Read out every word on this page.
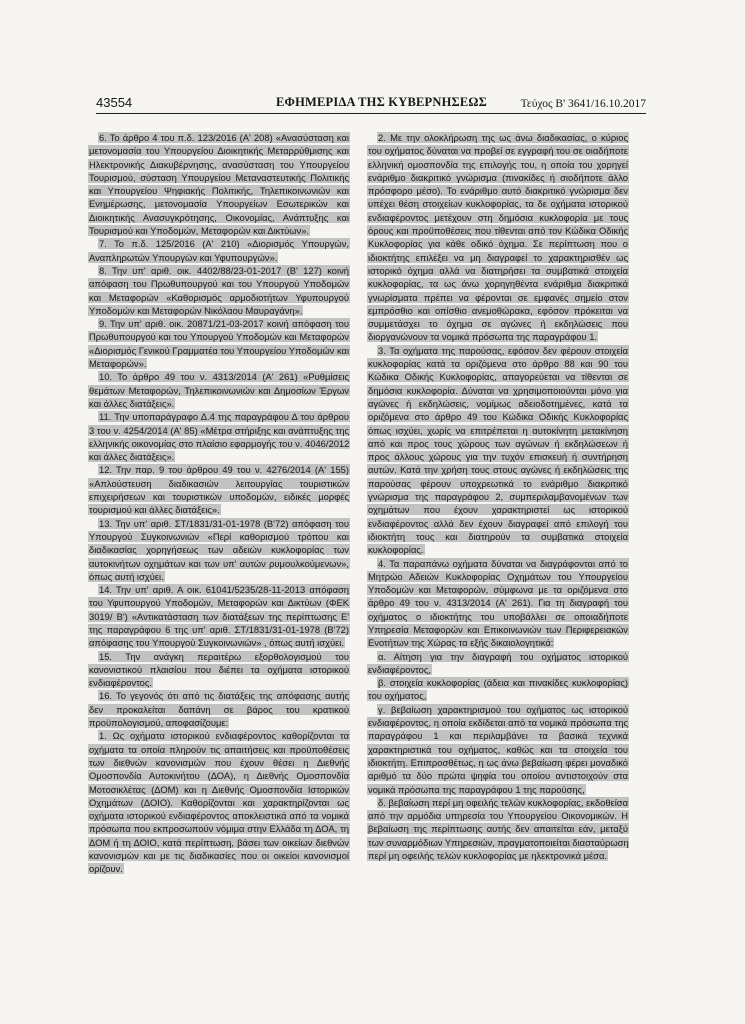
43554	ΕΦΗΜΕΡΙΔΑ ΤΗΣ ΚΥΒΕΡΝΗΣΕΩΣ	Τεύχος Β' 3641/16.10.2017

6. Το άρθρο 4 του π.δ. 123/2016 (Α' 208) «Ανασύσταση και μετονομασία του Υπουργείου Διοικητικής Μεταρρύθμισης και Ηλεκτρονικής Διακυβέρνησης, ανασύσταση του Υπουργείου Τουρισμού, σύσταση Υπουργείου Μεταναστευτικής Πολιτικής και Υπουργείου Ψηφιακής Πολιτικής, Τηλεπικοινωνιών και Ενημέρωσης, μετονομασία Υπουργείων Εσωτερικών και Διοικητικής Ανασυγκρότησης, Οικονομίας, Ανάπτυξης και Τουρισμού και Υποδομών, Μεταφορών και Δικτύων».

7. Το π.δ. 125/2016 (Α' 210) «Διορισμός Υπουργών, Αναπληρωτών Υπουργών και Υφυπουργών».

8. Την υπ' αριθ. οικ. 4402/88/23-01-2017 (Β' 127) κοινή απόφαση του Πρωθυπουργού και του Υπουργού Υποδομών και Μεταφορών «Καθορισμός αρμοδιοτήτων Υφυπουργού Υποδομών και Μεταφορών Νικόλαου Μαυραγάνη».

9. Την υπ' αριθ. οικ. 20871/21-03-2017 κοινή απόφαση του Πρωθυπουργού και του Υπουργού Υποδομών και Μεταφορών «Διορισμός Γενικού Γραμματέα του Υπουργείου Υποδομών και Μεταφορών».

10. Το άρθρο 49 του ν. 4313/2014 (Α' 261) «Ρυθμίσεις θεμάτων Μεταφορών, Τηλεπικοινωνιών και Δημοσίων Έργων και άλλες διατάξεις».

11. Την υποπαράγραφο Δ.4 της παραγράφου Δ του άρθρου 3 του ν. 4254/2014 (Α' 85) «Μέτρα στήριξης και ανάπτυξης της ελληνικής οικονομίας στο πλαίσιο εφαρμογής του ν. 4046/2012 και άλλες διατάξεις».

12. Την παρ. 9 του άρθρου 49 του ν. 4276/2014 (Α' 155) «Απλούστευση διαδικασιών λειτουργίας τουριστικών επιχειρήσεων και τουριστικών υποδομών, ειδικές μορφές τουρισμού και άλλες διατάξεις».

13. Την υπ' αριθ. ΣΤ/1831/31-01-1978 (Β'72) απόφαση του Υπουργού Συγκοινωνιών «Περί καθορισμού τρόπου και διαδικασίας χορηγήσεως των αδειών κυκλοφορίας των αυτοκινήτων οχημάτων και των υπ' αυτών ρυμουλκούμενων», όπως αυτή ισχύει.

14. Την υπ' αριθ. Α οικ. 61041/5235/28-11-2013 απόφαση του Υφυπουργού Υποδομών, Μεταφορών και Δικτύων (ΦΕΚ 3019/ Β') «Αντικατάσταση των διατάξεων της περίπτωσης Ε' της παραγράφου 6 της υπ' αριθ. ΣΤ/1831/31-01-1978 (Β'72) απόφασης του Υπουργού Συγκοινωνιών» , όπως αυτή ισχύει.

15. Την ανάγκη περαιτέρω εξορθολογισμού του κανονιστικού πλαισίου που διέπει τα οχήματα ιστορικού ενδιαφέροντος.

16. Το γεγονός ότι από τις διατάξεις της απόφασης αυτής δεν προκαλείται δαπάνη σε βάρος του κρατικού προϋπολογισμού, αποφασίζουμε:

1. Ως οχήματα ιστορικού ενδιαφέροντος καθορίζονται τα οχήματα τα οποία πληρούν τις απαιτήσεις και προϋποθέσεις των διεθνών κανονισμών που έχουν θέσει η Διεθνής Ομοσπονδία Αυτοκινήτου (ΔΟΑ), η Διεθνής Ομοσπονδία Μοτοσικλέτας (ΔΟΜ) και η Διεθνής Ομοσπονδία Ιστορικών Οχημάτων (ΔΟΙΟ). Καθορίζονται και χαρακτηρίζονται ως οχήματα ιστορικού ενδιαφέροντος αποκλειστικά από τα νομικά πρόσωπα που εκπροσωπούν νόμιμα στην Ελλάδα τη ΔΟΑ, τη ΔΟΜ ή τη ΔΟΙΟ, κατά περίπτωση, βάσει των οικείων διεθνών κανονισμών και με τις διαδικασίες που οι οικείοι κανονισμοί ορίζουν.

2. Με την ολοκλήρωση της ως άνω διαδικασίας, ο κύριος του οχήματος δύναται να προβεί σε εγγραφή του σε οιαδήποτε ελληνική ομοσπονδία της επιλογής του, η οποία του χορηγεί ενάριθμο διακριτικό γνώρισμα (πινακίδες ή σιοδήποτε άλλο πρόσφορο μέσο). Το ενάριθμο αυτό διακριτικό γνώρισμα δεν υπέχει θέση στοιχείων κυκλοφορίας, τα δε οχήματα ιστορικού ενδιαφέροντος μετέχουν στη δημόσια κυκλοφορία με τους όρους και προϋποθέσεις που τίθενται από τον Κώδικα Οδικής Κυκλοφορίας για κάθε οδικό όχημα. Σε περίπτωση που ο ιδιοκτήτης επιλέξει να μη διαγραφεί το χαρακτηρισθέν ως ιστορικό όχημα αλλά να διατηρήσει τα συμβατικά στοιχεία κυκλοφορίας, τα ως άνω χορηγηθέντα ενάριθμα διακριτικά γνωρίσματα πρέπει να φέρονται σε εμφανές σημείο στον εμπρόσθιο και οπίσθιο ανεμοθώρακα, εφόσον πρόκειται να συμμετάσχει το όχημα σε αγώνες ή εκδηλώσεις που διοργανώνουν τα νομικά πρόσωπα της παραγράφου 1.

3. Τα οχήματα της παρούσας, εφόσον δεν φέρουν στοιχεία κυκλοφορίας κατά τα οριζόμενα στο άρθρο 88 και 90 του Κώδικα Οδικής Κυκλοφορίας, απαγορεύεται να τίθενται σε δημόσια κυκλοφορία. Δύναται να χρησιμοποιούνται μόνο για αγώνες ή εκδηλώσεις, νομίμως αδειοδοτημένες, κατά τα οριζόμενα στο άρθρο 49 του Κώδικα Οδικής Κυκλοφορίας όπως ισχύει, χωρίς να επιτρέπεται η αυτοκίνητη μετακίνηση από και προς τους χώρους των αγώνων ή εκδηλώσεων ή προς άλλους χώρους για την τυχόν επισκευή ή συντήρηση αυτών. Κατά την χρήση τους στους αγώνες ή εκδηλώσεις της παρούσας φέρουν υποχρεωτικά το ενάριθμο διακριτικό γνώρισμα της παραγράφου 2, συμπεριλαμβανομένων των οχημάτων που έχουν χαρακτηριστεί ως ιστορικού ενδιαφέροντος αλλά δεν έχουν διαγραφεί από επιλογή του ιδιοκτήτη τους και διατηρούν τα συμβατικά στοιχεία κυκλοφορίας.

4. Τα παραπάνω οχήματα δύναται να διαγράφονται από το Μητρώο Αδειών Κυκλοφορίας Οχημάτων του Υπουργείου Υποδομών και Μεταφορών, σύμφωνα με τα οριζόμενα στο άρθρο 49 του ν. 4313/2014 (Α' 261). Για τη διαγραφή του οχήματος ο ιδιοκτήτης του υποβάλλει σε οποιαδήποτε Υπηρεσία Μεταφορών και Επικοινωνιών των Περιφερειακών Ενοτήτων της Χώρας τα εξής δικαιολογητικά:

α. Αίτηση για την διαγραφή του οχήματος ιστορικού ενδιαφέροντος,

β. στοιχεία κυκλοφορίας (άδεια και πινακίδες κυκλοφορίας) του οχήματος,

γ. βεβαίωση χαρακτηρισμού του οχήματος ως ιστορικού ενδιαφέροντος, η οποία εκδίδεται από τα νομικά πρόσωπα της παραγράφου 1 και περιλαμβάνει τα βασικά τεχνικά χαρακτηριστικά του οχήματος, καθώς και τα στοιχεία του ιδιοκτήτη. Επιπροσθέτως, η ως άνω βεβαίωση φέρει μοναδικό αριθμό τα δύο πρώτα ψηφία του οποίου αντιστοιχούν στα νομικά πρόσωπα της παραγράφου 1 της παρούσης,

δ. βεβαίωση περί μη οφειλής τελών κυκλοφορίας, εκδοθείσα από την αρμόδια υπηρεσία του Υπουργείου Οικονομικών. Η βεβαίωση της περίπτωσης αυτής δεν απαιτείται εάν, μεταξύ των συναρμόδιων Υπηρεσιών, πραγματοποιείται διασταύρωση περί μη οφειλής τελών κυκλοφορίας με ηλεκτρονικά μέσα.
